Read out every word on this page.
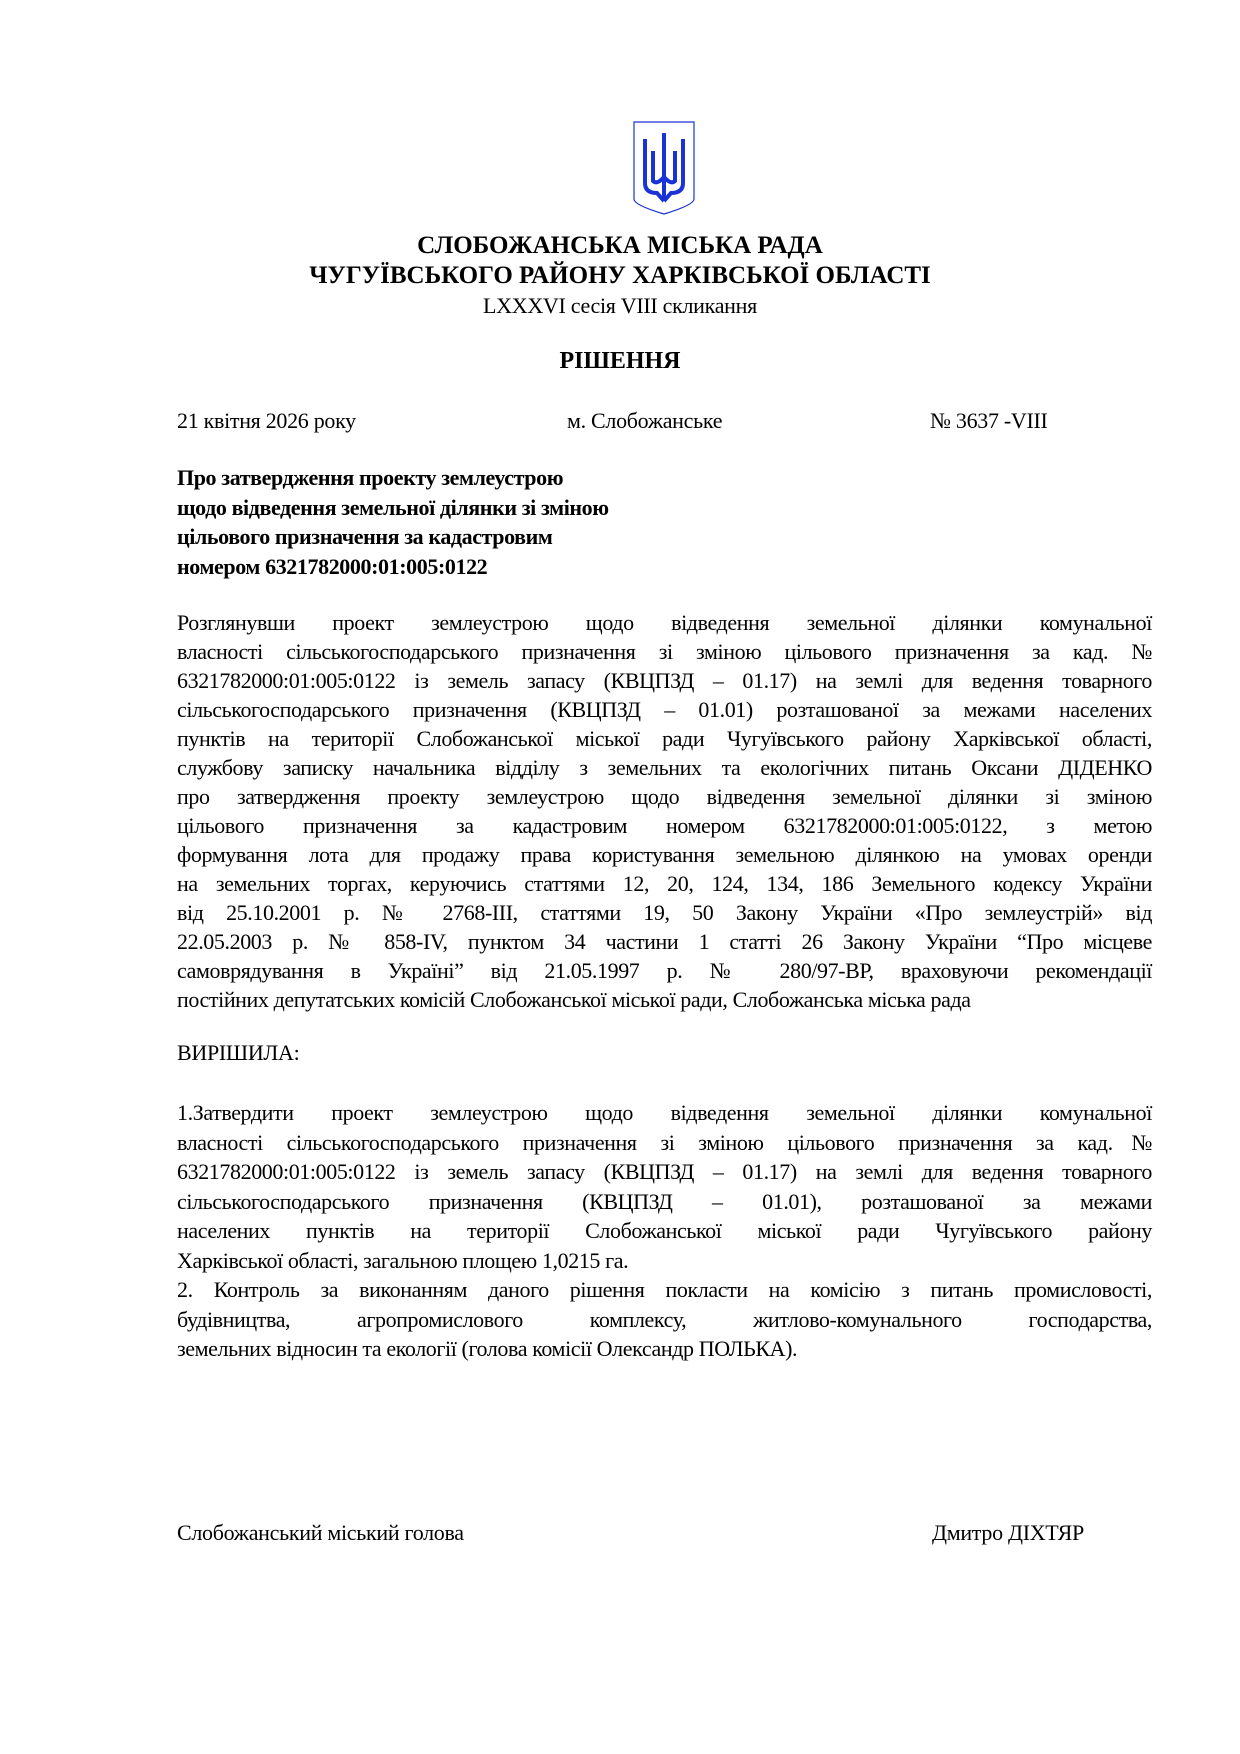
СЛОБОЖАНСЬКА МІСЬКА РАДА
ЧУГУЇВСЬКОГО РАЙОНУ ХАРКІВСЬКОЇ ОБЛАСТІ
LXXXVI сесія VIII скликання
РІШЕННЯ
21 квітня 2026 року	м. Слобожанське	№ 3637 -VIII
Про затвердження проекту землеустрою
щодо відведення земельної ділянки зі зміною
цільового призначення за кадастровим
номером 6321782000:01:005:0122
Розглянувши проект землеустрою щодо відведення земельної ділянки комунальної
власності сільськогосподарського призначення зі зміною цільового призначення за кад. №
6321782000:01:005:0122 із земель запасу (КВЦПЗД – 01.17) на землі для ведення товарного
сільськогосподарського призначення (КВЦПЗД – 01.01) розташованої за межами населених
пунктів на території Слобожанської міської ради Чугуївського району Харківської області,
службову записку начальника відділу з земельних та екологічних питань Оксани ДІДЕНКО
про затвердження проекту землеустрою щодо відведення земельної ділянки зі зміною
цільового призначення за кадастровим номером 6321782000:01:005:0122, з метою
формування лота для продажу права користування земельною ділянкою на умовах оренди
на земельних торгах, керуючись статтями 12, 20, 124, 134, 186 Земельного кодексу України
від 25.10.2001 р. № 2768-ІІІ, статтями 19, 50 Закону України «Про землеустрій» від
22.05.2003 р. № 858-IV, пунктом 34 частини 1 статті 26 Закону України “Про місцеве
самоврядування в Україні” від 21.05.1997 р. № 280/97-ВР, враховуючи рекомендації
постійних депутатських комісій Слобожанської міської ради, Слобожанська міська рада
ВИРІШИЛА:
1.Затвердити проект землеустрою щодо відведення земельної ділянки комунальної
власності сільськогосподарського призначення зі зміною цільового призначення за кад.№
6321782000:01:005:0122 із земель запасу (КВЦПЗД – 01.17) на землі для ведення товарного
сільськогосподарського призначення (КВЦПЗД – 01.01), розташованої за межами
населених пунктів на території Слобожанської міської ради Чугуївського району
Харківської області, загальною площею 1,0215 га.
2. Контроль за виконанням даного рішення покласти на комісію з питань промисловості,
будівництва, агропромислового комплексу, житлово-комунального господарства,
земельних відносин та екології (голова комісії Олександр ПОЛЬКА).
Слобожанський міський голова	Дмитро ДІХТЯР
